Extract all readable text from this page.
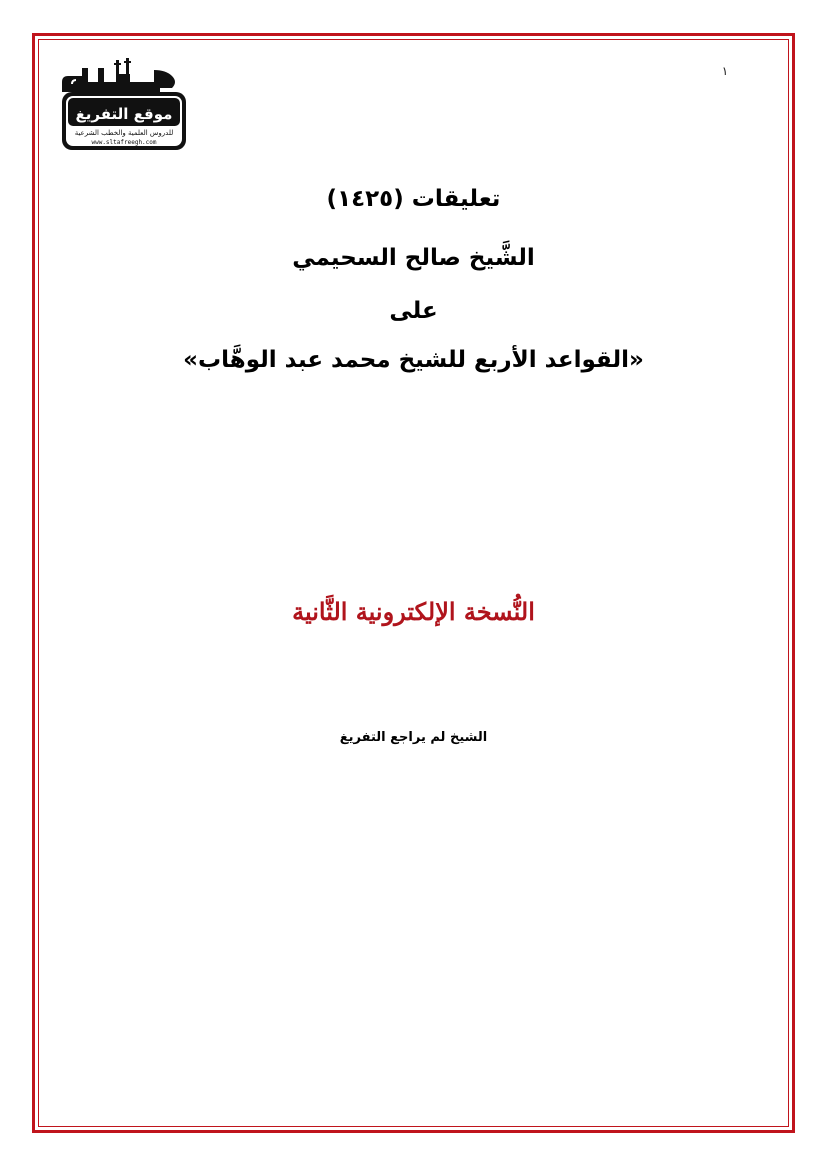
١
موقع التفريغ
للدروس العلمية والخطب الشرعية
www.sltafreegh.com
تعليقات (١٤٢٥)
الشَّيخ صالح السحيمي
على
«القواعد الأربع للشيخ محمد عبد الوهَّاب»
النُّسخة الإلكترونية الثَّانية
الشيخ لم يراجع التفريغ
